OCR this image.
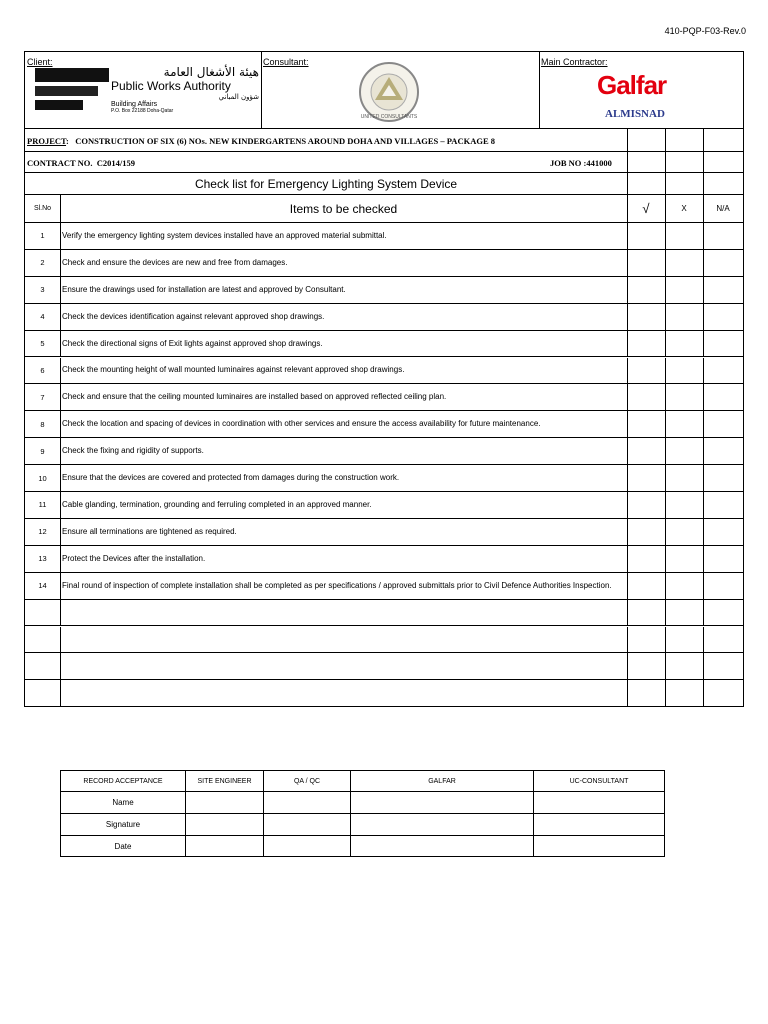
410-PQP-F03-Rev.0
Client:
هيئة الأشغال العامة
Public Works Authority
شؤون المباني
Building Affairs
P.O. Box 22188 Doha-Qatar
Consultant:
UNITED CONSULTANTS
Main Contractor:
Galfar
ALMISNAD
PROJECT:   CONSTRUCTION OF SIX (6) NOs. NEW KINDERGARTENS AROUND DOHA AND VILLAGES – PACKAGE 8
CONTRACT NO. C2014/159	JOB NO :441000
Check list for Emergency Lighting System Device
Sl.No	Items to be checked	√	X	N/A
1	Verify the emergency lighting system devices installed have an approved material submittal.
2	Check and ensure the devices are new and free from damages.
3	Ensure the drawings used for installation are latest and approved by Consultant.
4	Check the devices identification against relevant approved shop drawings.
5	Check the directional signs of Exit lights against approved shop drawings.
6	Check the mounting height of wall mounted luminaires against relevant approved shop drawings.
7	Check and ensure that the ceiling mounted luminaires are installed based on approved reflected ceiling plan.
8	Check the location and spacing of devices in coordination with other services and ensure the access availability for future maintenance.
9	Check the fixing and rigidity of supports.
10	Ensure that the devices are covered and protected from damages during the construction work.
11	Cable glanding, termination, grounding and ferruling completed in an approved manner.
12	Ensure all terminations are tightened as required.
13	Protect the Devices after the installation.
14	Final round of inspection of complete installation shall be completed as per specifications / approved submittals prior to Civil Defence Authorities Inspection.
RECORD ACCEPTANCE	SITE ENGINEER	QA / QC	GALFAR	UC-CONSULTANT
Name				
Signature				
Date				
